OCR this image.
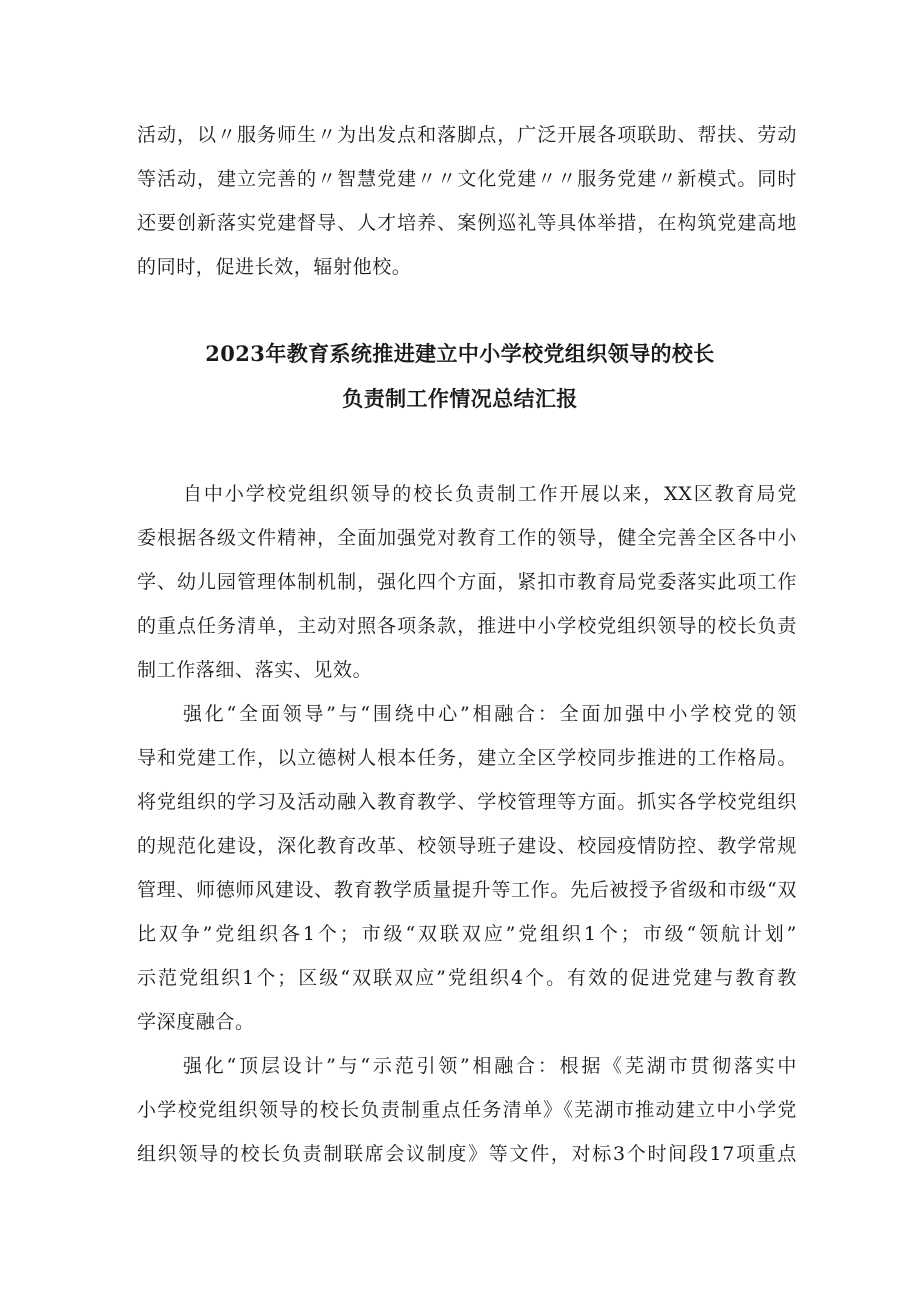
活动，以〃服务师生〃为出发点和落脚点，广泛开展各项联助、帮扶、劳动
等活动，建立完善的〃智慧党建〃〃文化党建〃〃服务党建〃新模式。同时
还要创新落实党建督导、人才培养、案例巡礼等具体举措，在构筑党建高地
的同时，促进长效，辐射他校。
2023年教育系统推进建立中小学校党组织领导的校长
负责制工作情况总结汇报
自中小学校党组织领导的校长负责制工作开展以来，XX区教育局党
委根据各级文件精神，全面加强党对教育工作的领导，健全完善全区各中小
学、幼儿园管理体制机制，强化四个方面，紧扣市教育局党委落实此项工作
的重点任务清单，主动对照各项条款，推进中小学校党组织领导的校长负责
制工作落细、落实、见效。
强化“全面领导”与“围绕中心”相融合：全面加强中小学校党的领
导和党建工作，以立德树人根本任务，建立全区学校同步推进的工作格局。
将党组织的学习及活动融入教育教学、学校管理等方面。抓实各学校党组织
的规范化建设，深化教育改革、校领导班子建设、校园疫情防控、教学常规
管理、师德师风建设、教育教学质量提升等工作。先后被授予省级和市级“双
比双争”党组织各1个；市级“双联双应”党组织1个；市级“领航计划”
示范党组织1个；区级“双联双应”党组织4个。有效的促进党建与教育教
学深度融合。
强化“顶层设计”与“示范引领”相融合：根据《芜湖市贯彻落实中
小学校党组织领导的校长负责制重点任务清单》《芜湖市推动建立中小学党
组织领导的校长负责制联席会议制度》等文件，对标3个时间段17项重点
